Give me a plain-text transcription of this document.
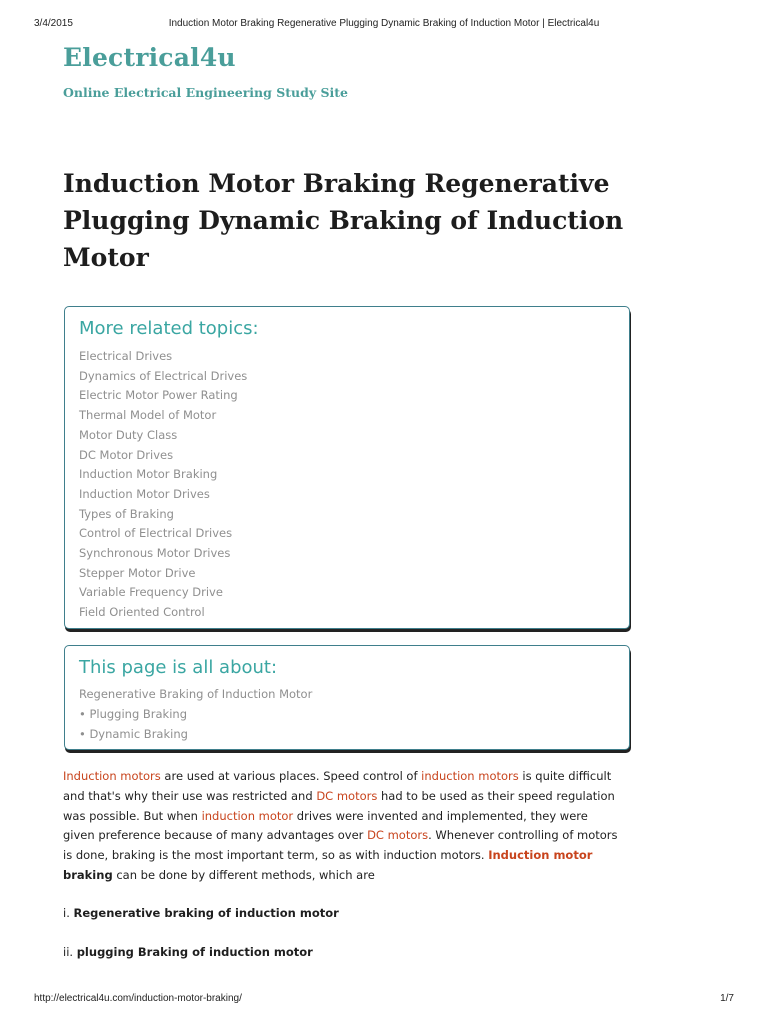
3/4/2015	Induction Motor Braking Regenerative Plugging Dynamic Braking of Induction Motor | Electrical4u
Electrical4u
Online Electrical Engineering Study Site
Induction Motor Braking Regenerative Plugging Dynamic Braking of Induction Motor
More related topics:
Electrical Drives
Dynamics of Electrical Drives
Electric Motor Power Rating
Thermal Model of Motor
Motor Duty Class
DC Motor Drives
Induction Motor Braking
Induction Motor Drives
Types of Braking
Control of Electrical Drives
Synchronous Motor Drives
Stepper Motor Drive
Variable Frequency Drive
Field Oriented Control
This page is all about:
Regenerative Braking of Induction Motor
• Plugging Braking
• Dynamic Braking

Induction motors are used at various places. Speed control of induction motors is quite difficult and that's why their use was restricted and DC motors had to be used as their speed regulation was possible. But when induction motor drives were invented and implemented, they were given preference because of many advantages over DC motors. Whenever controlling of motors is done, braking is the most important term, so as with induction motors. Induction motor braking can be done by different methods, which are

i. Regenerative braking of induction motor
ii. plugging Braking of induction motor
http://electrical4u.com/induction-motor-braking/	1/7
